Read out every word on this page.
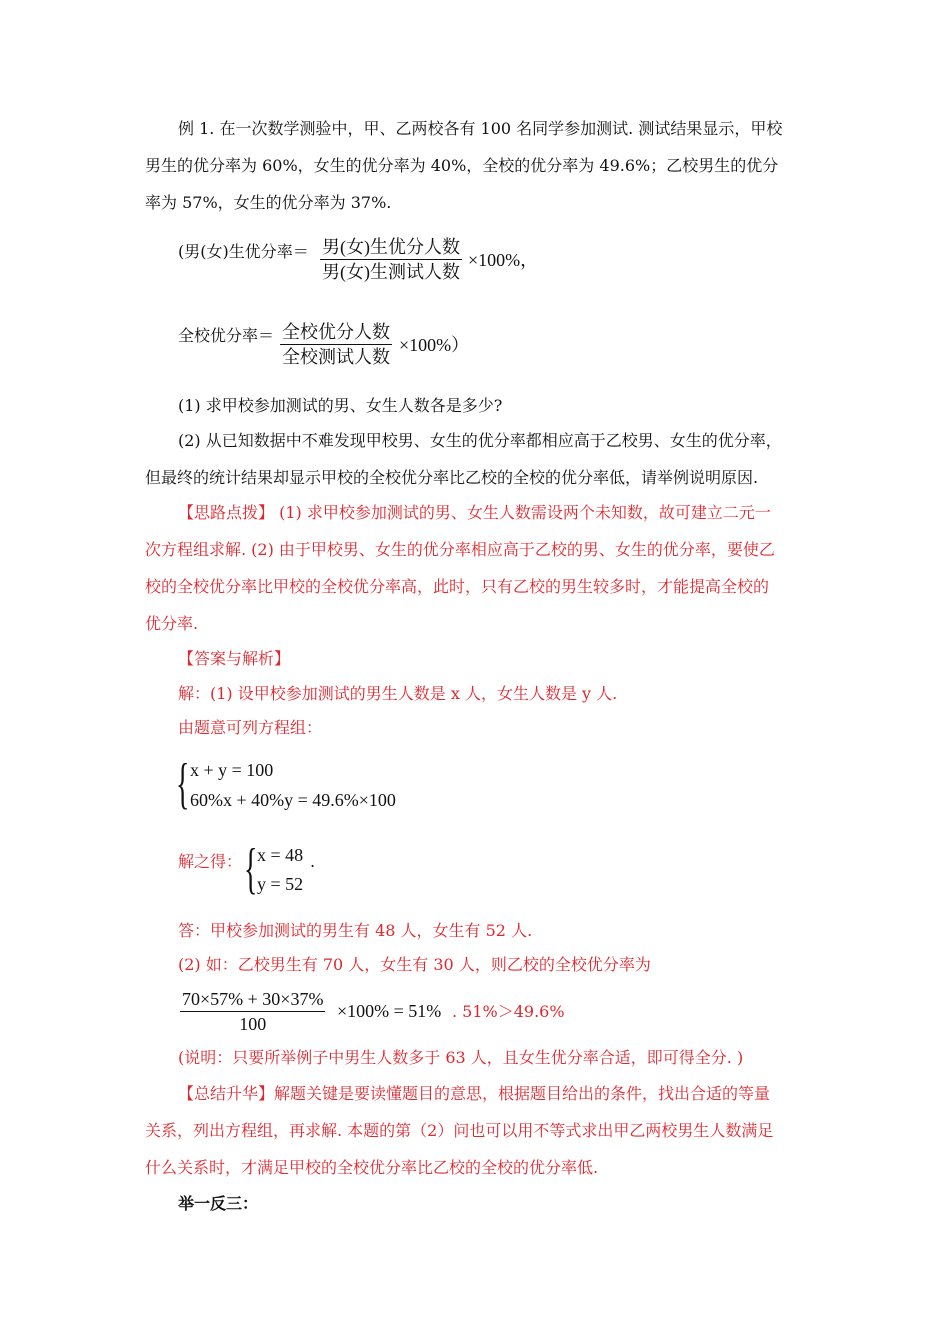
例 1. 在一次数学测验中，甲、乙两校各有 100 名同学参加测试. 测试结果显示，甲校
男生的优分率为 60%，女生的优分率为 40%，全校的优分率为 49.6%；乙校男生的优分
率为 57%，女生的优分率为 37%.
(男(女)生优分率＝ 男(女)生优分人数
男(女)生测试人数
×100%，
全校优分率＝ 全校优分人数
全校测试人数
×100%）
(1) 求甲校参加测试的男、女生人数各是多少?
(2) 从已知数据中不难发现甲校男、女生的优分率都相应高于乙校男、女生的优分率，
但最终的统计结果却显示甲校的全校优分率比乙校的全校的优分率低，请举例说明原因.
【思路点拨】 (1) 求甲校参加测试的男、女生人数需设两个未知数，故可建立二元一
次方程组求解. (2) 由于甲校男、女生的优分率相应高于乙校的男、女生的优分率，要使乙
校的全校优分率比甲校的全校优分率高，此时，只有乙校的男生较多时，才能提高全校的
优分率.
【答案与解析】
解：(1) 设甲校参加测试的男生人数是 x 人，女生人数是 y 人.
由题意可列方程组：
{ x + y = 100
60%x + 40%y = 49.6%×100
解之得： { x = 48
y = 52
.
答：甲校参加测试的男生有 48 人，女生有 52 人.
(2) 如：乙校男生有 70 人，女生有 30 人，则乙校的全校优分率为
$\frac{70\times 57\% + 30\times 37\%}{100} \times 100\% = 51\%$ . 51%＞49.6%
(说明：只要所举例子中男生人数多于 63 人，且女生优分率合适，即可得全分. )
【总结升华】解题关键是要读懂题目的意思，根据题目给出的条件，找出合适的等量
关系，列出方程组，再求解. 本题的第（2）问也可以用不等式求出甲乙两校男生人数满足
什么关系时，才满足甲校的全校优分率比乙校的全校的优分率低.
举一反三：
